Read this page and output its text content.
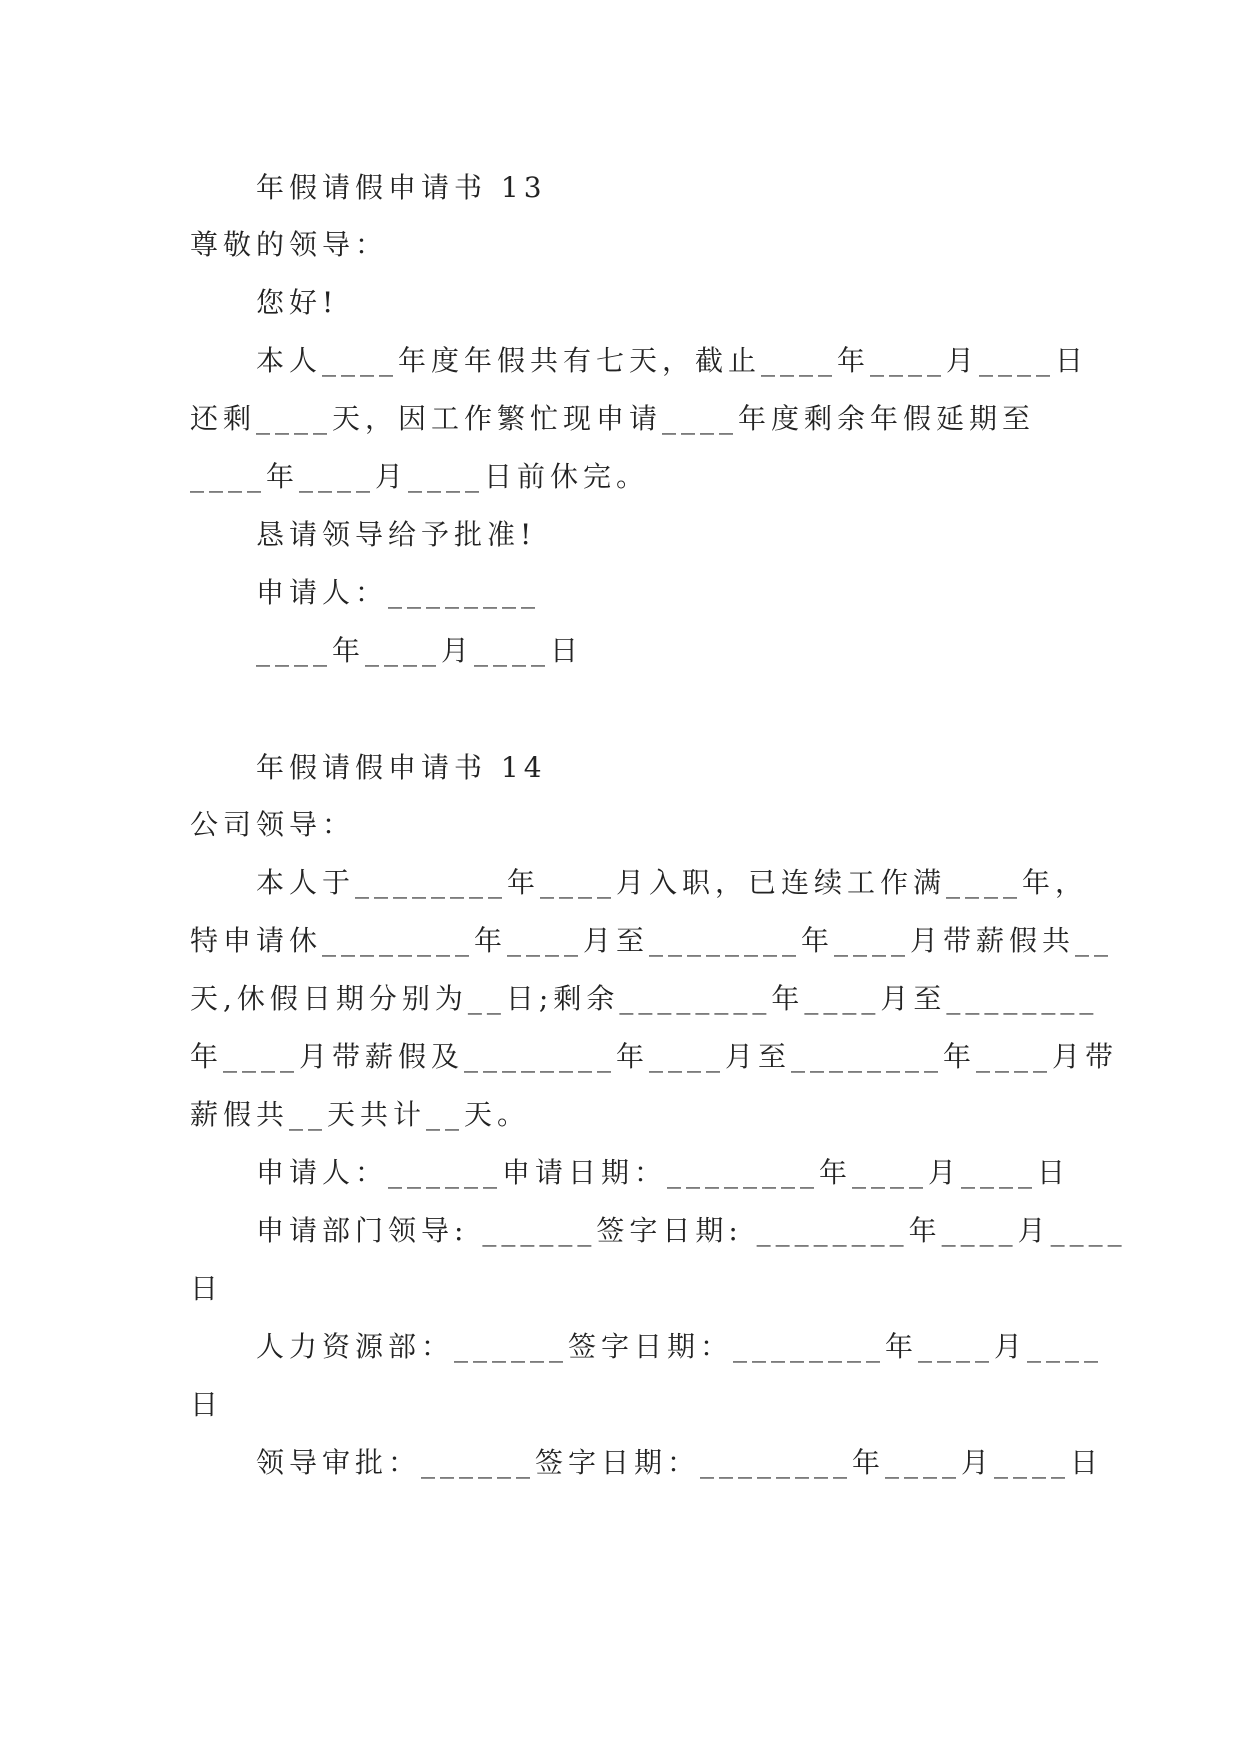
年假请假申请书 13

尊敬的领导：

您好!

本人____年度年假共有七天，截止____年____月____日

还剩____天，因工作繁忙现申请____年度剩余年假延期至

____年____月____日前休完。

恳请领导给予批准!

申请人：________

____年____月____日

年假请假申请书 14

公司领导：

本人于________年____月入职，已连续工作满____年，

特申请休________年____月至________年____月带薪假共__

天,休假日期分别为__日;剩余________年____月至________

年____月带薪假及________年____月至________年____月带

薪假共__天共计__天。

申请人：______申请日期：________年____月____日

申请部门领导: ______签字日期: ________年____月____

日

人力资源部：______签字日期：________年____月____

日

领导审批：______签字日期：________年____月____日
